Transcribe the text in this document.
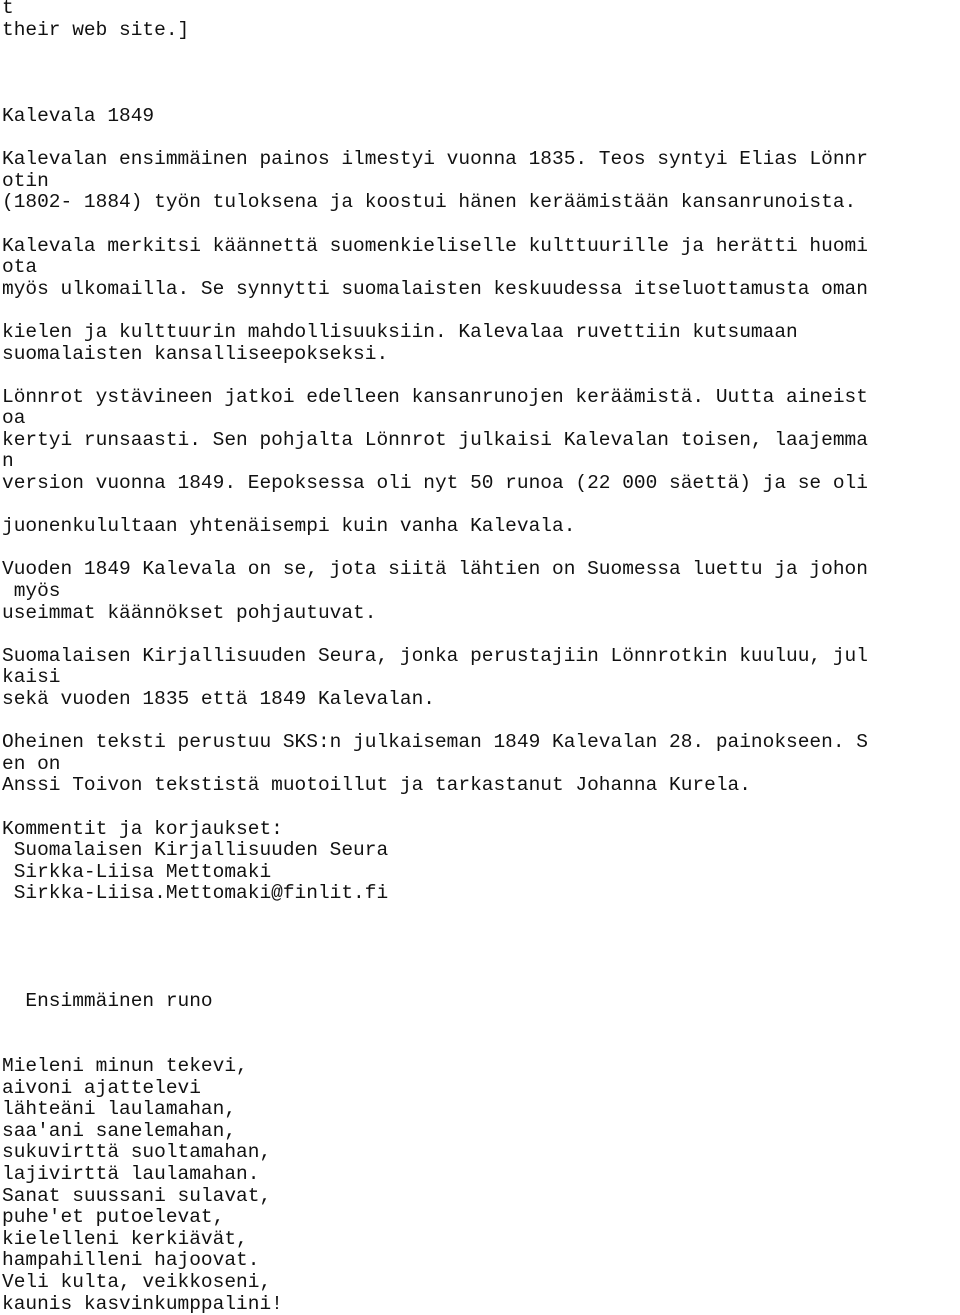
t
their web site.]
Kalevala 1849
Kalevalan ensimmäinen painos ilmestyi vuonna 1835. Teos syntyi Elias Lönnr
otin
(1802- 1884) työn tuloksena ja koostui hänen keräämistään kansanrunoista.
Kalevala merkitsi käännettä suomenkieliselle kulttuurille ja herätti huomi
ota
myös ulkomailla. Se synnytti suomalaisten keskuudessa itseluottamusta oman
kielen ja kulttuurin mahdollisuuksiin. Kalevalaa ruvettiin kutsumaan
suomalaisten kansalliseepokseksi.
Lönnrot ystävineen jatkoi edelleen kansanrunojen keräämistä. Uutta aineist
oa
kertyi runsaasti. Sen pohjalta Lönnrot julkaisi Kalevalan toisen, laajemma
n
version vuonna 1849. Eepoksessa oli nyt 50 runoa (22 000 säettä) ja se oli
juonenkulultaan yhtenäisempi kuin vanha Kalevala.
Vuoden 1849 Kalevala on se, jota siitä lähtien on Suomessa luettu ja johon
myös
useimmat käännökset pohjautuvat.
Suomalaisen Kirjallisuuden Seura, jonka perustajiin Lönnrotkin kuuluu, jul
kaisi
sekä vuoden 1835 että 1849 Kalevalan.
Oheinen teksti perustuu SKS:n julkaiseman 1849 Kalevalan 28. painokseen. S
en on
Anssi Toivon tekstistä muotoillut ja tarkastanut Johanna Kurela.
Kommentit ja korjaukset:
Suomalaisen Kirjallisuuden Seura
Sirkka-Liisa Mettomaki
Sirkka-Liisa.Mettomaki@finlit.fi
Ensimmäinen runo
Mieleni minun tekevi,
aivoni ajattelevi
lähteäni laulamahan,
saa'ani sanelemahan,
sukuvirttä suoltamahan,
lajivirttä laulamahan.
Sanat suussani sulavat,
puhe'et putoelevat,
kielelleni kerkiävät,
hampahilleni hajoovat.
Veli kulta, veikkoseni,
kaunis kasvinkumppalini!
